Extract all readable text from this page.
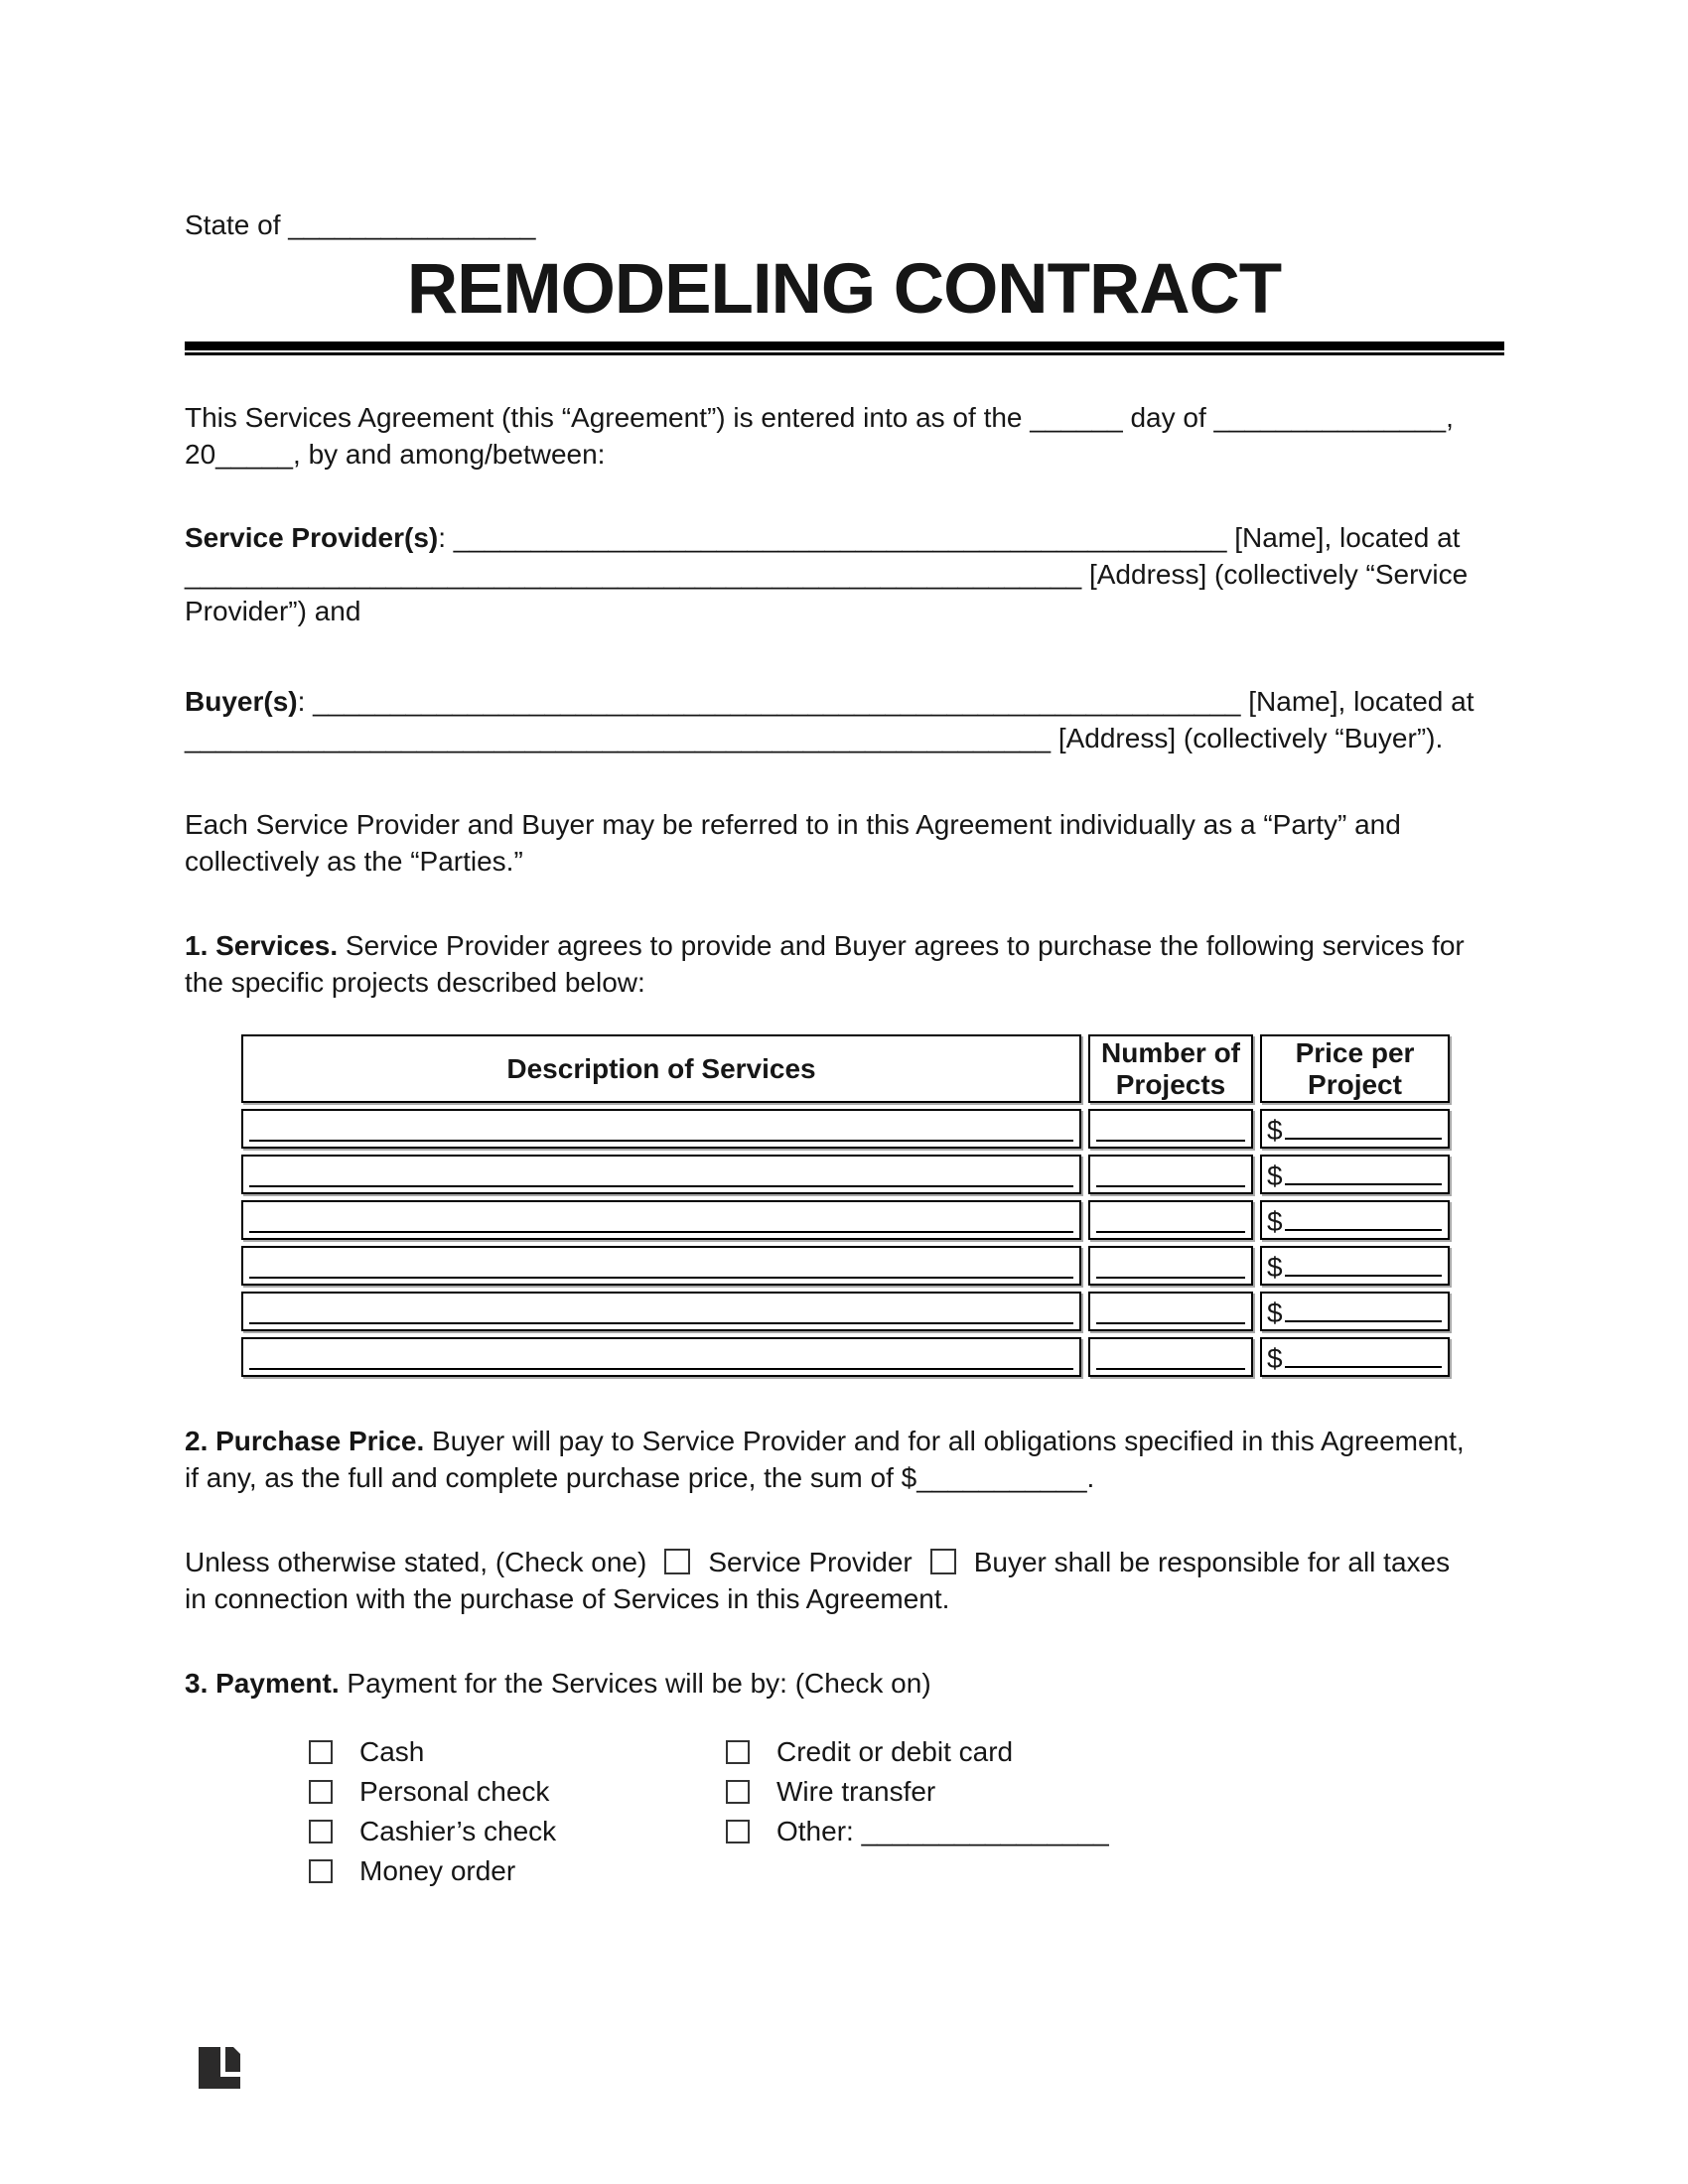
State of ________________
REMODELING CONTRACT
This Services Agreement (this “Agreement”) is entered into as of the ______ day of _______________,
20_____, by and among/between:
Service Provider(s): __________________________________________________ [Name], located at
__________________________________________________________ [Address] (collectively “Service
Provider”) and
Buyer(s): ____________________________________________________________ [Name], located at
________________________________________________________ [Address] (collectively “Buyer”).
Each Service Provider and Buyer may be referred to in this Agreement individually as a “Party” and
collectively as the “Parties.”
1. Services. Service Provider agrees to provide and Buyer agrees to purchase the following services for
the specific projects described below:
Description of Services
Number of Projects
Price per Project
$
$
$
$
$
$
2. Purchase Price. Buyer will pay to Service Provider and for all obligations specified in this Agreement,
if any, as the full and complete purchase price, the sum of $___________.
Unless otherwise stated, (Check one) Service Provider Buyer shall be responsible for all taxes
in connection with the purchase of Services in this Agreement.
3. Payment. Payment for the Services will be by: (Check on)
Cash
Personal check
Cashier’s check
Money order
Credit or debit card
Wire transfer
Other: ________________
